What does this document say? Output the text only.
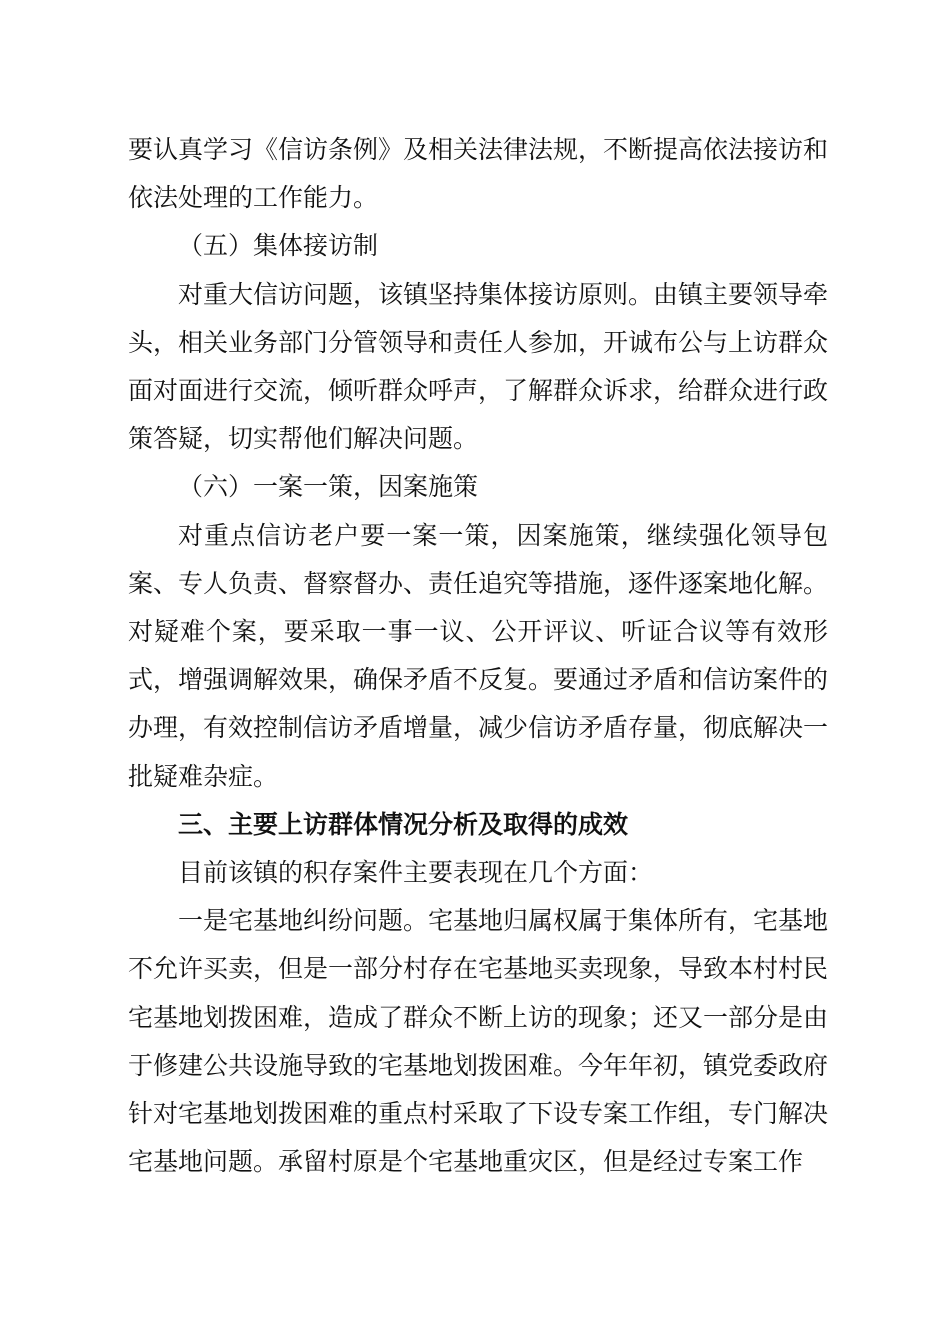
要认真学习《信访条例》及相关法律法规，不断提高依法接访和依法处理的工作能力。

（五）集体接访制

对重大信访问题，该镇坚持集体接访原则。由镇主要领导牵头，相关业务部门分管领导和责任人参加，开诚布公与上访群众面对面进行交流，倾听群众呼声，了解群众诉求，给群众进行政策答疑，切实帮他们解决问题。

（六）一案一策，因案施策

对重点信访老户要一案一策，因案施策，继续强化领导包案、专人负责、督察督办、责任追究等措施，逐件逐案地化解。对疑难个案，要采取一事一议、公开评议、听证合议等有效形式，增强调解效果，确保矛盾不反复。要通过矛盾和信访案件的办理，有效控制信访矛盾增量，减少信访矛盾存量，彻底解决一批疑难杂症。

三、主要上访群体情况分析及取得的成效

目前该镇的积存案件主要表现在几个方面：

一是宅基地纠纷问题。宅基地归属权属于集体所有，宅基地不允许买卖，但是一部分村存在宅基地买卖现象，导致本村村民宅基地划拨困难，造成了群众不断上访的现象；还又一部分是由于修建公共设施导致的宅基地划拨困难。今年年初，镇党委政府针对宅基地划拨困难的重点村采取了下设专案工作组，专门解决宅基地问题。承留村原是个宅基地重灾区，但是经过专案工作
